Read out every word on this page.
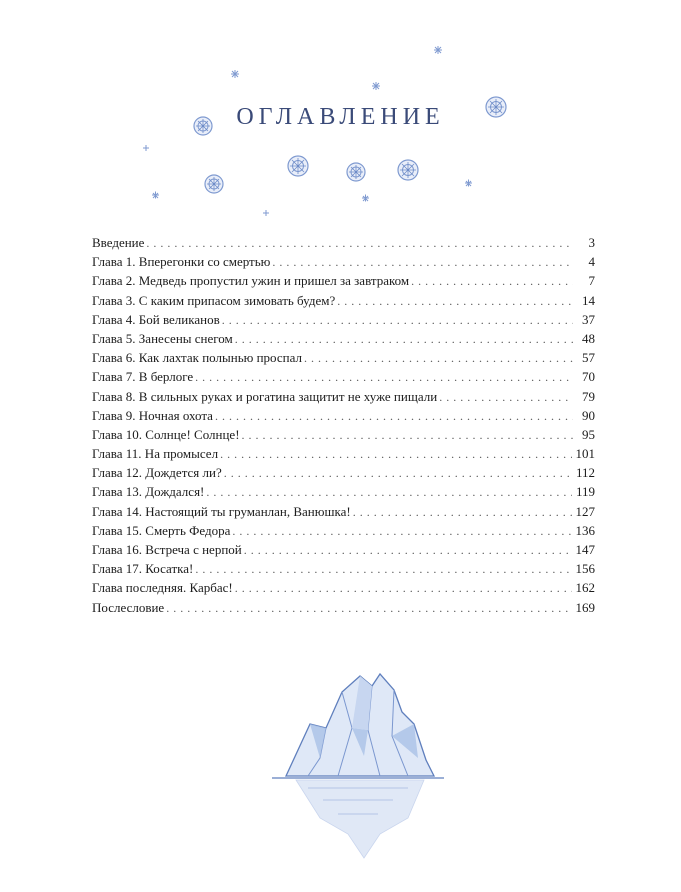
ОГЛАВЛЕНИЕ
Введение . . .	3
Глава 1. Вперегонки со смертью . . .	4
Глава 2. Медведь пропустил ужин и пришел за завтраком . . .	7
Глава 3. С каким припасом зимовать будем? . . .	14
Глава 4. Бой великанов . . .	37
Глава 5. Занесены снегом . . .	48
Глава 6. Как лахтак полынью проспал . . .	57
Глава 7. В берлоге . . .	70
Глава 8. В сильных руках и рогатина защитит не хуже пищали . . .	79
Глава 9. Ночная охота . . .	90
Глава 10. Солнце! Солнце! . . .	95
Глава 11. На промысел . . .	101
Глава 12. Дождется ли? . . .	112
Глава 13. Дождался! . . .	119
Глава 14. Настоящий ты груманлан, Ванюшка! . . .	127
Глава 15. Смерть Федора . . .	136
Глава 16. Встреча с нерпой . . .	147
Глава 17. Косатка! . . .	156
Глава последняя. Карбас! . . .	162
Послесловие . . .	169
